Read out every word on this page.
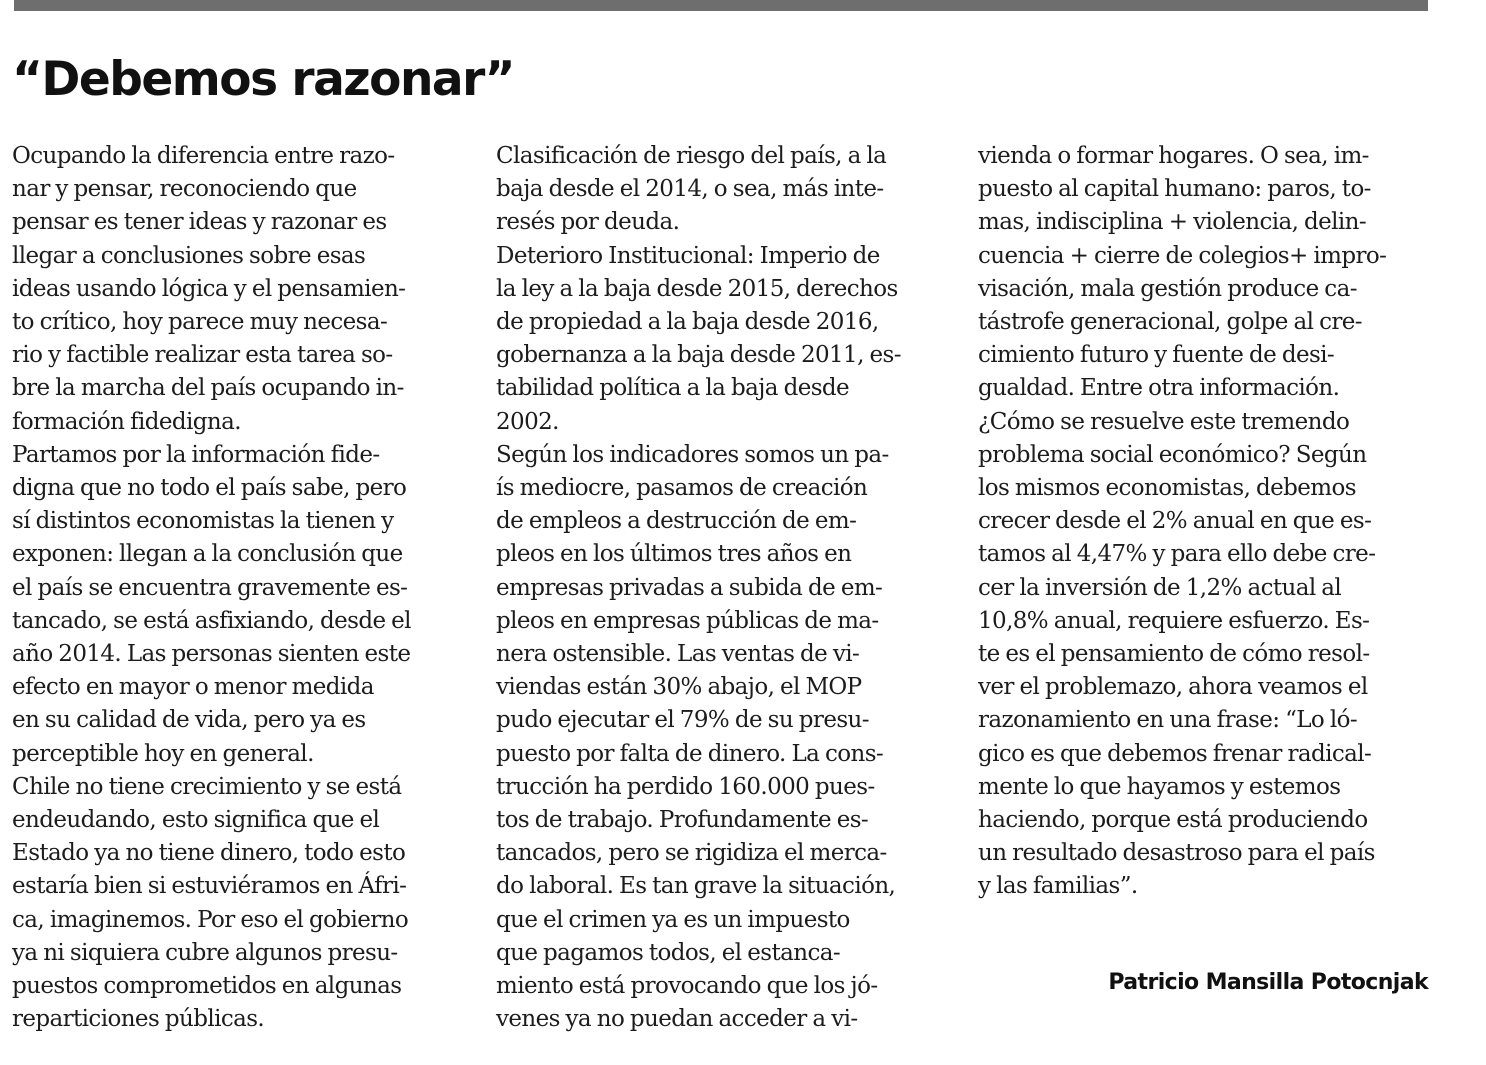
“Debemos razonar”
Ocupando la diferencia entre razo-
nar y pensar, reconociendo que
pensar es tener ideas y razonar es
llegar a conclusiones sobre esas
ideas usando lógica y el pensamien-
to crítico, hoy parece muy necesa-
rio y factible realizar esta tarea so-
bre la marcha del país ocupando in-
formación fidedigna.
Partamos por la información fide-
digna que no todo el país sabe, pero
sí distintos economistas la tienen y
exponen: llegan a la conclusión que
el país se encuentra gravemente es-
tancado, se está asfixiando, desde el
año 2014. Las personas sienten este
efecto en mayor o menor medida
en su calidad de vida, pero ya es
perceptible hoy en general.
Chile no tiene crecimiento y se está
endeudando, esto significa que el
Estado ya no tiene dinero, todo esto
estaría bien si estuviéramos en Áfri-
ca, imaginemos. Por eso el gobierno
ya ni siquiera cubre algunos presu-
puestos comprometidos en algunas
reparticiones públicas.
Clasificación de riesgo del país, a la
baja desde el 2014, o sea, más inte-
resés por deuda.
Deterioro Institucional: Imperio de
la ley a la baja desde 2015, derechos
de propiedad a la baja desde 2016,
gobernanza a la baja desde 2011, es-
tabilidad política a la baja desde
2002.
Según los indicadores somos un pa-
ís mediocre, pasamos de creación
de empleos a destrucción de em-
pleos en los últimos tres años en
empresas privadas a subida de em-
pleos en empresas públicas de ma-
nera ostensible. Las ventas de vi-
viendas están 30% abajo, el MOP
pudo ejecutar el 79% de su presu-
puesto por falta de dinero. La cons-
trucción ha perdido 160.000 pues-
tos de trabajo. Profundamente es-
tancados, pero se rigidiza el merca-
do laboral. Es tan grave la situación,
que el crimen ya es un impuesto
que pagamos todos, el estanca-
miento está provocando que los jó-
venes ya no puedan acceder a vi-
vienda o formar hogares. O sea, im-
puesto al capital humano: paros, to-
mas, indisciplina + violencia, delin-
cuencia + cierre de colegios+ impro-
visación, mala gestión produce ca-
tástrofe generacional, golpe al cre-
cimiento futuro y fuente de desi-
gualdad. Entre otra información.
¿Cómo se resuelve este tremendo
problema social económico? Según
los mismos economistas, debemos
crecer desde el 2% anual en que es-
tamos al 4,47% y para ello debe cre-
cer la inversión de 1,2% actual al
10,8% anual, requiere esfuerzo. Es-
te es el pensamiento de cómo resol-
ver el problemazo, ahora veamos el
razonamiento en una frase: “Lo ló-
gico es que debemos frenar radical-
mente lo que hayamos y estemos
haciendo, porque está produciendo
un resultado desastroso para el país
y las familias”.
Patricio Mansilla Potocnjak
